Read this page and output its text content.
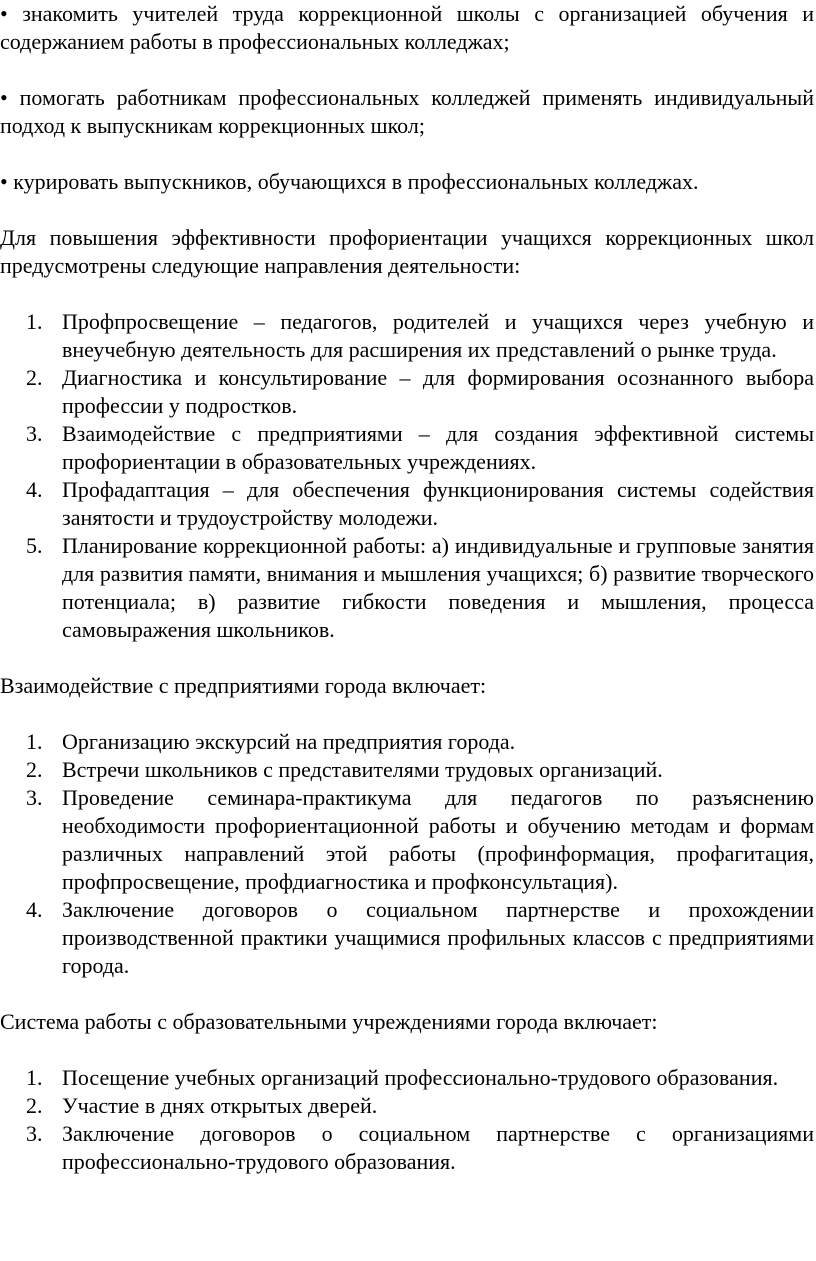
• знакомить учителей труда коррекционной школы с организацией обучения и содержанием работы в профессиональных колледжах;

• помогать работникам профессиональных колледжей применять индивидуальный подход к выпускникам коррекционных школ;

• курировать выпускников, обучающихся в профессиональных колледжах.

Для повышения эффективности профориентации учащихся коррекционных школ предусмотрены следующие направления деятельности:

1. Профпросвещение – педагогов, родителей и учащихся через учебную и внеучебную деятельность для расширения их представлений о рынке труда.
2. Диагностика и консультирование – для формирования осознанного выбора профессии у подростков.
3. Взаимодействие с предприятиями – для создания эффективной системы профориентации в образовательных учреждениях.
4. Профадаптация – для обеспечения функционирования системы содействия занятости и трудоустройству молодежи.
5. Планирование коррекционной работы: а) индивидуальные и групповые занятия для развития памяти, внимания и мышления учащихся; б) развитие творческого потенциала; в) развитие гибкости поведения и мышления, процесса самовыражения школьников.

Взаимодействие с предприятиями города включает:

1. Организацию экскурсий на предприятия города.
2. Встречи школьников с представителями трудовых организаций.
3. Проведение семинара-практикума для педагогов по разъяснению необходимости профориентационной работы и обучению методам и формам различных направлений этой работы (профинформация, профагитация, профпросвещение, профдиагностика и профконсультация).
4. Заключение договоров о социальном партнерстве и прохождении производственной практики учащимися профильных классов с предприятиями города.

Система работы с образовательными учреждениями города включает:

1. Посещение учебных организаций профессионально-трудового образования.
2. Участие в днях открытых дверей.
3. Заключение договоров о социальном партнерстве с организациями профессионально-трудового образования.
